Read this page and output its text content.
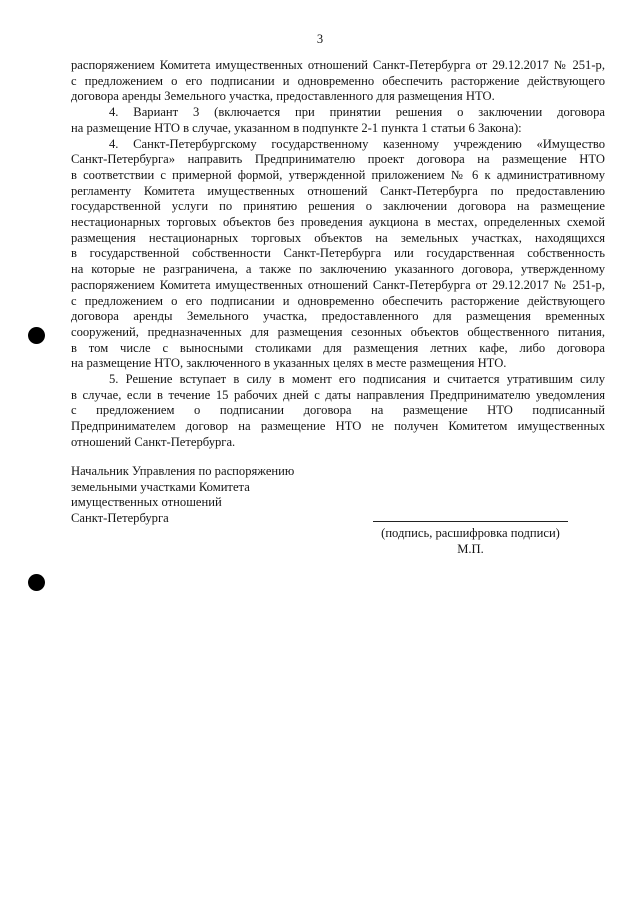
3
распоряжением Комитета имущественных отношений Санкт-Петербурга от 29.12.2017 № 251-р,
с предложением о его подписании и одновременно обеспечить расторжение действующего
договора аренды Земельного участка, предоставленного для размещения НТО.
4. Вариант 3 (включается при принятии решения о заключении договора
на размещение НТО в случае, указанном в подпункте 2-1 пункта 1 статьи 6 Закона):
4. Санкт-Петербургскому государственному казенному учреждению «Имущество
Санкт-Петербурга» направить Предпринимателю проект договора на размещение НТО
в соответствии с примерной формой, утвержденной приложением № 6 к административному
регламенту Комитета имущественных отношений Санкт-Петербурга по предоставлению
государственной услуги по принятию решения о заключении договора на размещение
нестационарных торговых объектов без проведения аукциона в местах, определенных схемой
размещения нестационарных торговых объектов на земельных участках, находящихся
в государственной собственности Санкт-Петербурга или государственная собственность
на которые не разграничена, а также по заключению указанного договора, утвержденному
распоряжением Комитета имущественных отношений Санкт-Петербурга от 29.12.2017 № 251-р,
с предложением о его подписании и одновременно обеспечить расторжение действующего
договора аренды Земельного участка, предоставленного для размещения временных
сооружений, предназначенных для размещения сезонных объектов общественного питания,
в том числе с выносными столиками для размещения летних кафе, либо договора
на размещение НТО, заключенного в указанных целях в месте размещения НТО.
5. Решение вступает в силу в момент его подписания и считается утратившим силу
в случае, если в течение 15 рабочих дней с даты направления Предпринимателю уведомления
с предложением о подписании договора на размещение НТО подписанный
Предпринимателем договор на размещение НТО не получен Комитетом имущественных
отношений Санкт-Петербурга.
Начальник Управления по распоряжению
земельными участками Комитета
имущественных отношений
Санкт-Петербурга
(подпись, расшифровка подписи)
М.П.
